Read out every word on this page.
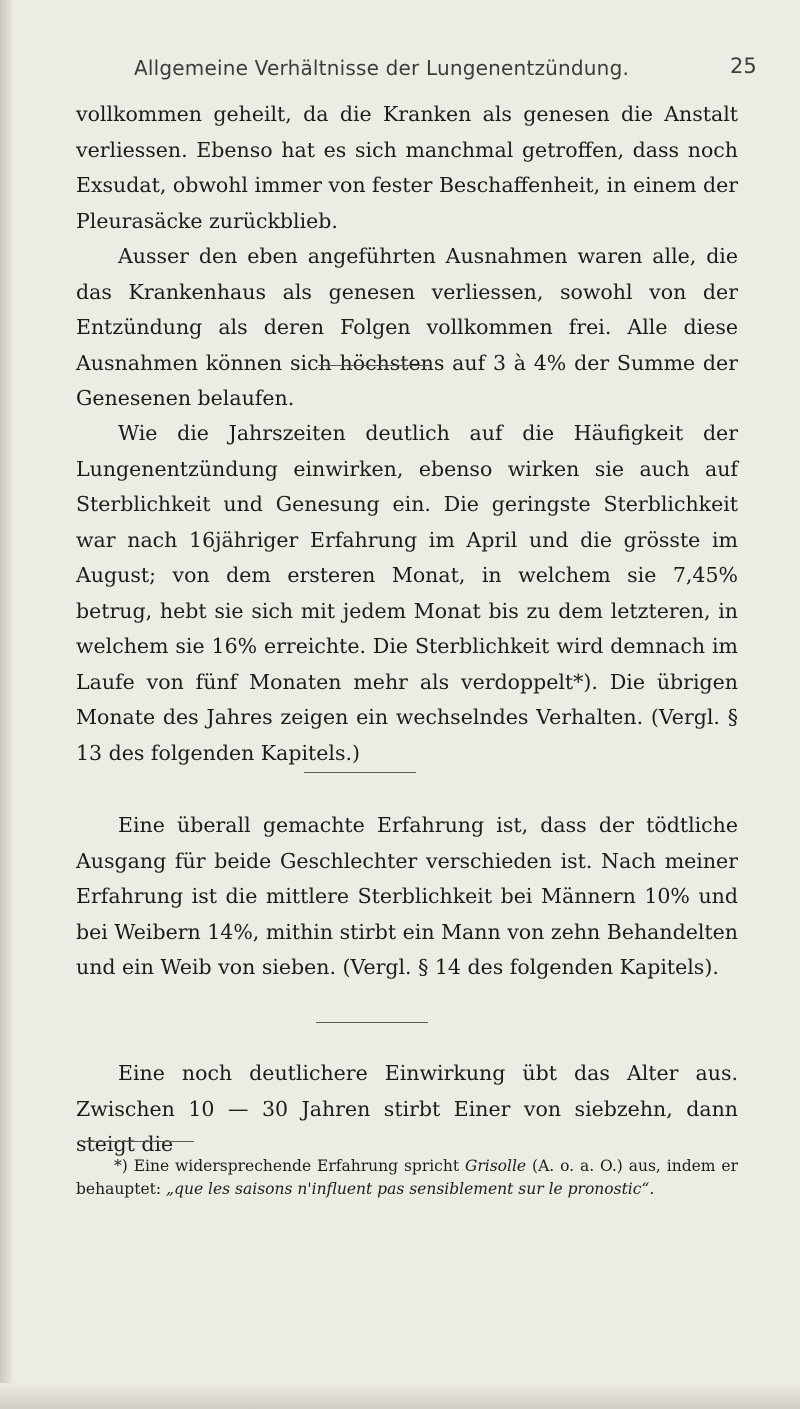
Allgemeine Verhältnisse der Lungenentzündung.	25

vollkommen geheilt, da die Kranken als genesen die Anstalt verliessen. Ebenso hat es sich manchmal getroffen, dass noch Exsudat, obwohl immer von fester Beschaffenheit, in einem der Pleurasäcke zurückblieb.

Ausser den eben angeführten Ausnahmen waren alle, die das Krankenhaus als genesen verliessen, sowohl von der Entzündung als deren Folgen vollkommen frei. Alle diese Ausnahmen können sich höchstens auf 3 à 4% der Summe der Genesenen belaufen.

Wie die Jahrszeiten deutlich auf die Häufigkeit der Lungenentzündung einwirken, ebenso wirken sie auch auf Sterblichkeit und Genesung ein. Die geringste Sterblichkeit war nach 16jähriger Erfahrung im April und die grösste im August; von dem ersteren Monat, in welchem sie 7,45% betrug, hebt sie sich mit jedem Monat bis zu dem letzteren, in welchem sie 16% erreichte. Die Sterblichkeit wird demnach im Laufe von fünf Monaten mehr als verdoppelt*). Die übrigen Monate des Jahres zeigen ein wechselndes Verhalten. (Vergl. § 13 des folgenden Kapitels.)

Eine überall gemachte Erfahrung ist, dass der tödtliche Ausgang für beide Geschlechter verschieden ist. Nach meiner Erfahrung ist die mittlere Sterblichkeit bei Männern 10% und bei Weibern 14%, mithin stirbt ein Mann von zehn Behandelten und ein Weib von sieben. (Vergl. § 14 des folgenden Kapitels).

Eine noch deutlichere Einwirkung übt das Alter aus. Zwischen 10 — 30 Jahren stirbt Einer von siebzehn, dann steigt die

*) Eine widersprechende Erfahrung spricht Grisolle (A. o. a. O.) aus, indem er behauptet: „que les saisons n'influent pas sensiblement sur le pronostic“.
